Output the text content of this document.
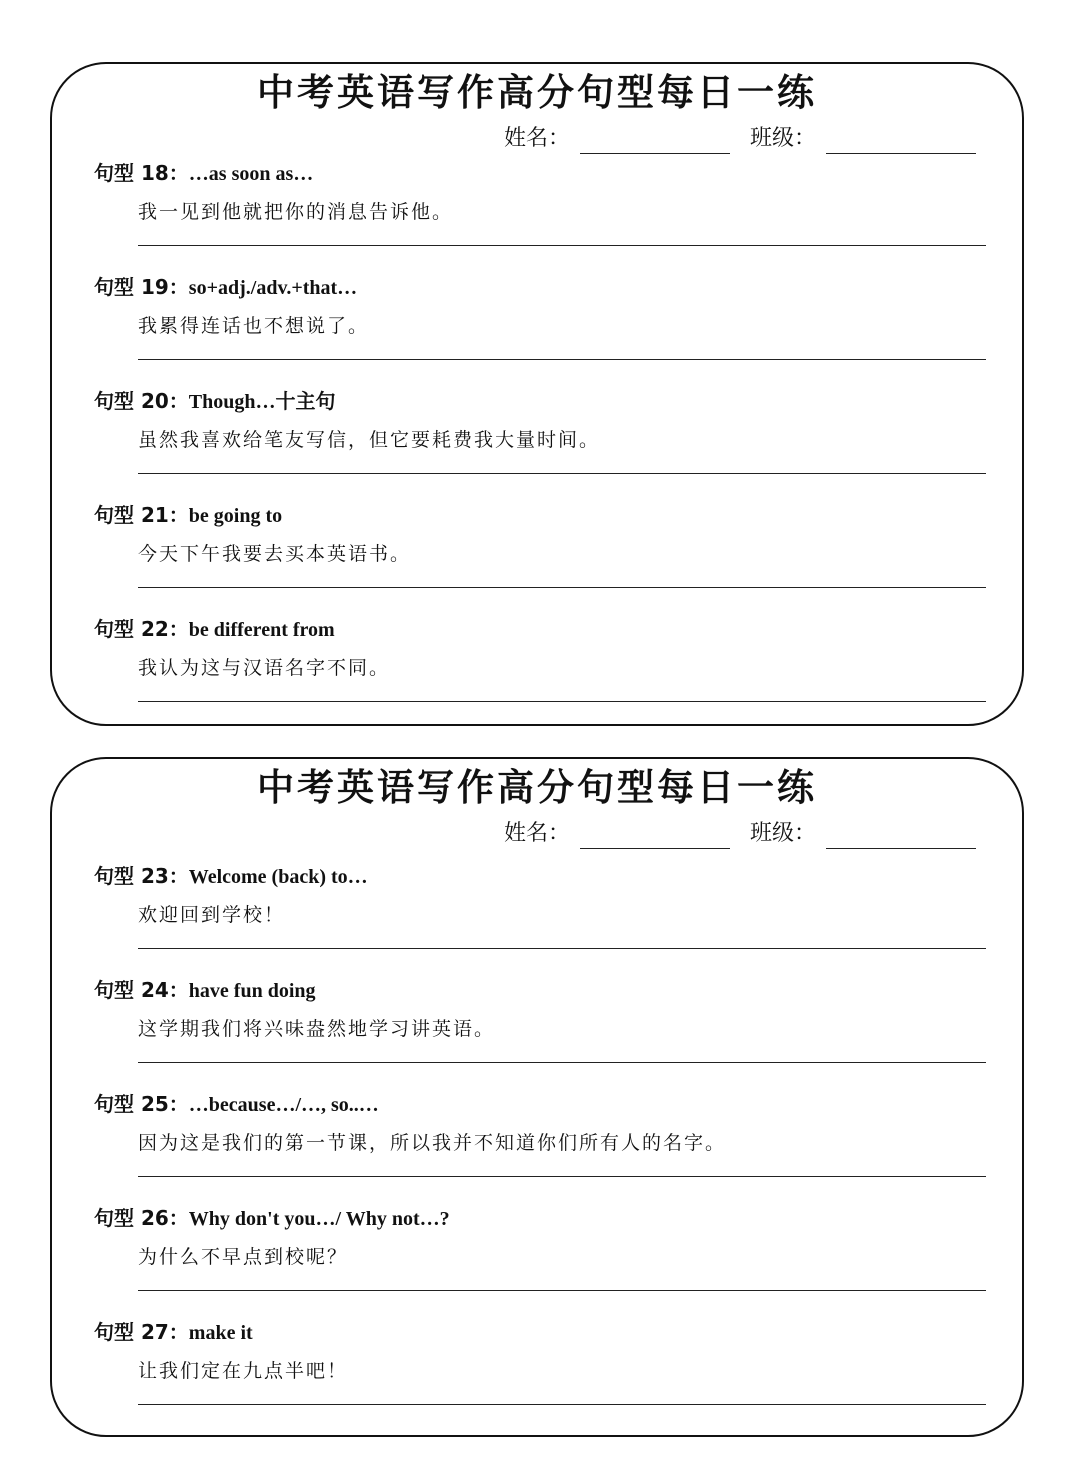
中考英语写作高分句型每日一练
姓名：	班级：
句型 18：…as soon as…
我一见到他就把你的消息告诉他。
句型 19：so+adj./adv.+that…
我累得连话也不想说了。
句型 20：Though…十主句
虽然我喜欢给笔友写信，但它要耗费我大量时间。
句型 21：be going to
今天下午我要去买本英语书。
句型 22：be different from
我认为这与汉语名字不同。
中考英语写作高分句型每日一练
姓名：	班级：
句型 23：Welcome (back) to…
欢迎回到学校！
句型 24：have fun doing
这学期我们将兴味盎然地学习讲英语。
句型 25：…because…/…, so..…
因为这是我们的第一节课，所以我并不知道你们所有人的名字。
句型 26：Why don't you…/ Why not…?
为什么不早点到校呢？
句型 27：make it
让我们定在九点半吧！
